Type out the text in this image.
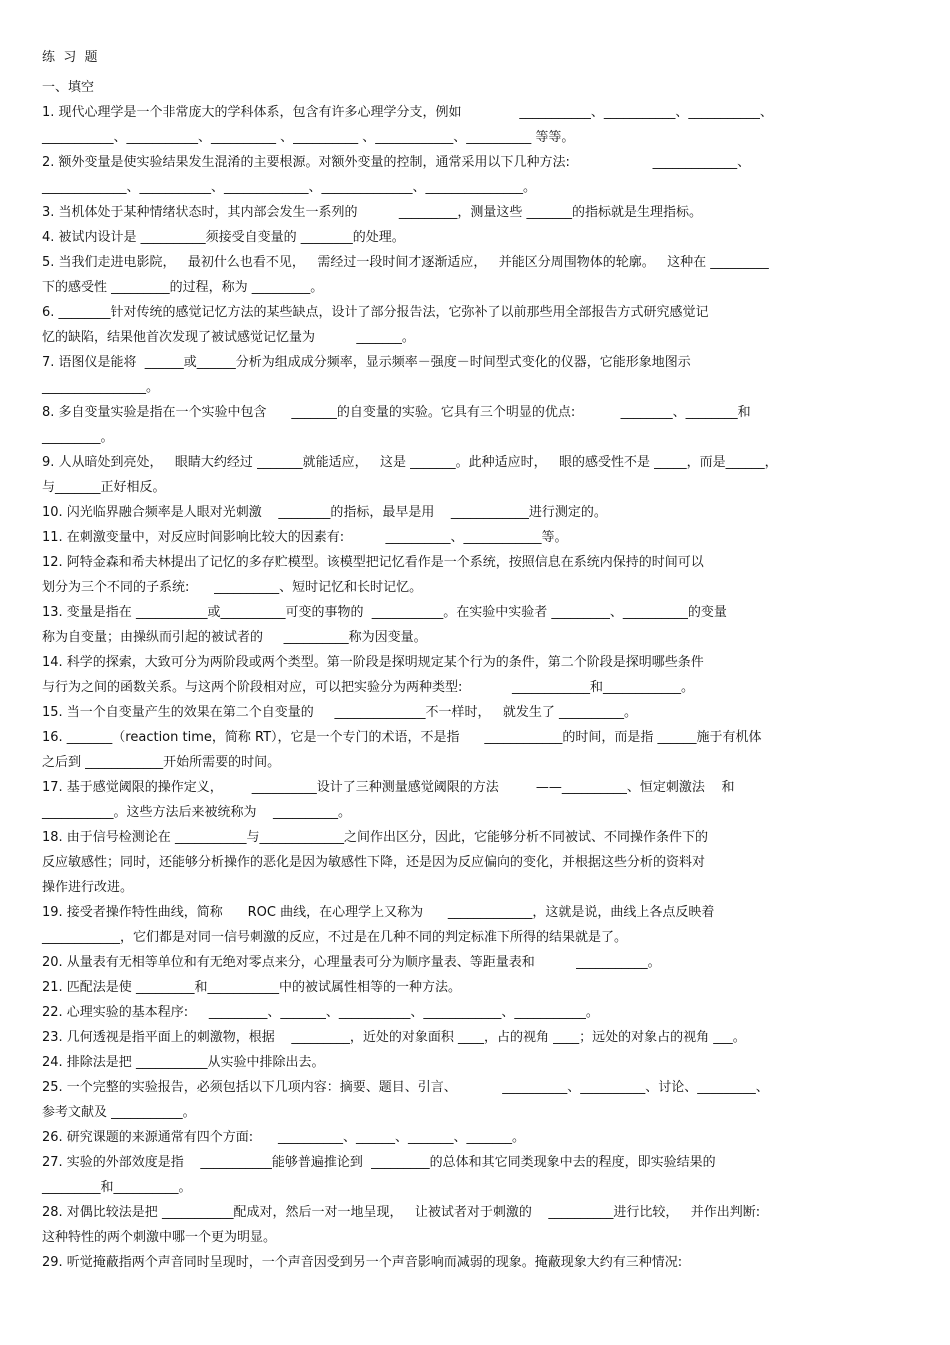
练  习  题
一、填空
1. 现代心理学是一个非常庞大的学科体系，包含有许多心理学分支，例如              ___________、___________、___________、
___________、___________、__________ 、__________ 、____________、__________ 等等。
2. 额外变量是使实验结果发生混淆的主要根源。对额外变量的控制，通常采用以下几种方法:                    _____________、
_____________、___________、_____________、______________、_______________。
3. 当机体处于某种情绪状态时，其内部会发生一系列的          _________，测量这些 _______的指标就是生理指标。
4. 被试内设计是 __________须接受自变量的 ________的处理。
5. 当我们走进电影院，   最初什么也看不见，   需经过一段时间才逐渐适应，   并能区分周围物体的轮廓。   这种在 _________
下的感受性 _________的过程，称为 _________。
6. ________针对传统的感觉记忆方法的某些缺点，设计了部分报告法，它弥补了以前那些用全部报告方式研究感觉记
忆的缺陷，结果他首次发现了被试感觉记忆量为          _______。
7. 语图仪是能将  ______或______分析为组成成分频率，显示频率－强度－时间型式变化的仪器，它能形象地图示
________________。
8. 多自变量实验是指在一个实验中包含      _______的自变量的实验。它具有三个明显的优点:           ________、________和
_________。
9. 人从暗处到亮处，   眼睛大约经过 _______就能适应，   这是 _______。此种适应时，   眼的感受性不是 _____，而是______，
与_______正好相反。
10. 闪光临界融合频率是人眼对光刺激    ________的指标，最早是用    ____________进行测定的。
11. 在刺激变量中，对反应时间影响比较大的因素有:          __________、____________等。
12. 阿特金森和希夫林提出了记忆的多存贮模型。该模型把记忆看作是一个系统，按照信息在系统内保持的时间可以
划分为三个不同的子系统:      __________、短时记忆和长时记忆。
13. 变量是指在 ___________或__________可变的事物的  ___________。在实验中实验者 _________、__________的变量
称为自变量；由操纵而引起的被试者的     __________称为因变量。
14. 科学的探索，大致可分为两阶段或两个类型。第一阶段是探明规定某个行为的条件，第二个阶段是探明哪些条件
与行为之间的函数关系。与这两个阶段相对应，可以把实验分为两种类型:            ____________和____________。
15. 当一个自变量产生的效果在第二个自变量的     ______________不一样时，   就发生了 __________。
16. _______（reaction time，简称 RT），它是一个专门的术语，不是指      ____________的时间，而是指 ______施于有机体
之后到 ____________开始所需要的时间。
17. 基于感觉阈限的操作定义，       __________设计了三种测量感觉阈限的方法         ——__________、恒定刺激法    和
___________。这些方法后来被统称为    __________。
18. 由于信号检测论在 ___________与_____________之间作出区分，因此，它能够分析不同被试、不同操作条件下的
反应敏感性；同时，还能够分析操作的恶化是因为敏感性下降，还是因为反应偏向的变化，并根据这些分析的资料对
操作进行改进。
19. 接受者操作特性曲线，简称      ROC 曲线，在心理学上又称为      _____________，这就是说，曲线上各点反映着
____________，它们都是对同一信号刺激的反应，不过是在几种不同的判定标准下所得的结果就是了。
20. 从量表有无相等单位和有无绝对零点来分，心理量表可分为顺序量表、等距量表和          ___________。
21. 匹配法是使 _________和___________中的被试属性相等的一种方法。
22. 心理实验的基本程序:     _________、_______、___________、____________、___________。
23. 几何透视是指平面上的刺激物，根据    _________，近处的对象面积 ____，占的视角 ____；远处的对象占的视角 ___。
24. 排除法是把 ___________从实验中排除出去。
25. 一个完整的实验报告，必须包括以下几项内容：摘要、题目、引言、           __________、__________、讨论、_________、
参考文献及 ___________。
26. 研究课题的来源通常有四个方面:      __________、______、_______、_______。
27. 实验的外部效度是指    ___________能够普遍推论到  _________的总体和其它同类现象中去的程度，即实验结果的
_________和__________。
28. 对偶比较法是把 ___________配成对，然后一对一地呈现，   让被试者对于刺激的    __________进行比较，   并作出判断:
这种特性的两个刺激中哪一个更为明显。
29. 听觉掩蔽指两个声音同时呈现时，一个声音因受到另一个声音影响而减弱的现象。掩蔽现象大约有三种情况:
